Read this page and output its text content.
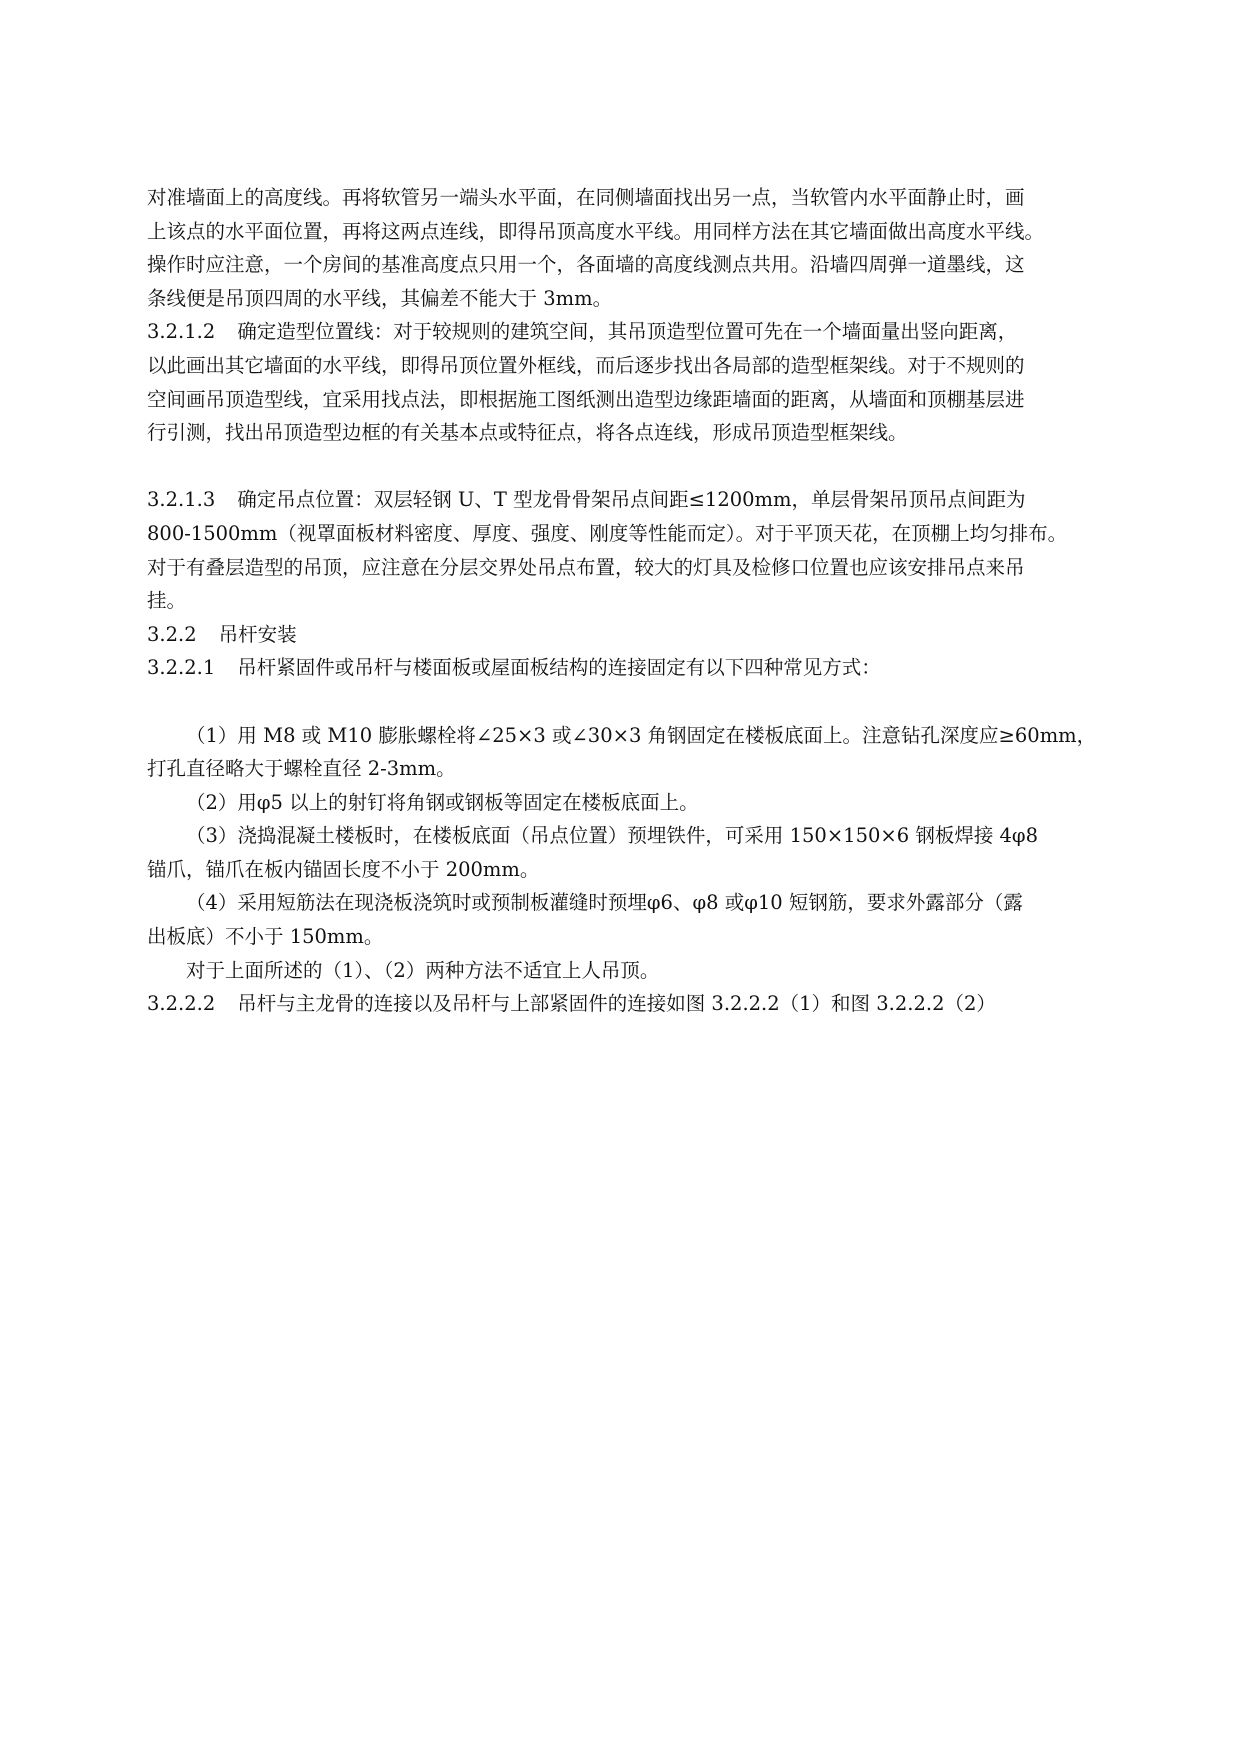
对准墙面上的高度线。再将软管另一端头水平面，在同侧墙面找出另一点，当软管内水平面静止时，画
上该点的水平面位置，再将这两点连线，即得吊顶高度水平线。用同样方法在其它墙面做出高度水平线。
操作时应注意，一个房间的基准高度点只用一个，各面墙的高度线测点共用。沿墙四周弹一道墨线，这
条线便是吊顶四周的水平线，其偏差不能大于 3mm。
3.2.1.2 确定造型位置线：对于较规则的建筑空间，其吊顶造型位置可先在一个墙面量出竖向距离，
以此画出其它墙面的水平线，即得吊顶位置外框线，而后逐步找出各局部的造型框架线。对于不规则的
空间画吊顶造型线，宜采用找点法，即根据施工图纸测出造型边缘距墙面的距离，从墙面和顶棚基层进
行引测，找出吊顶造型边框的有关基本点或特征点，将各点连线，形成吊顶造型框架线。
3.2.1.3 确定吊点位置：双层轻钢 U、T 型龙骨骨架吊点间距≤1200mm，单层骨架吊顶吊点间距为
800-1500mm（视罩面板材料密度、厚度、强度、刚度等性能而定）。对于平顶天花，在顶棚上均匀排布。
对于有叠层造型的吊顶，应注意在分层交界处吊点布置，较大的灯具及检修口位置也应该安排吊点来吊
挂。
3.2.2 吊杆安装
3.2.2.1 吊杆紧固件或吊杆与楼面板或屋面板结构的连接固定有以下四种常见方式：
（1）用 M8 或 M10 膨胀螺栓将∠25×3 或∠30×3 角钢固定在楼板底面上。注意钻孔深度应≥60mm，
打孔直径略大于螺栓直径 2-3mm。
（2）用φ5 以上的射钉将角钢或钢板等固定在楼板底面上。
（3）浇捣混凝土楼板时，在楼板底面（吊点位置）预埋铁件，可采用 150×150×6 钢板焊接 4φ8
锚爪，锚爪在板内锚固长度不小于 200mm。
（4）采用短筋法在现浇板浇筑时或预制板灌缝时预埋φ6、φ8 或φ10 短钢筋，要求外露部分（露
出板底）不小于 150mm。
对于上面所述的（1）、（2）两种方法不适宜上人吊顶。
3.2.2.2 吊杆与主龙骨的连接以及吊杆与上部紧固件的连接如图 3.2.2.2（1）和图 3.2.2.2（2）
